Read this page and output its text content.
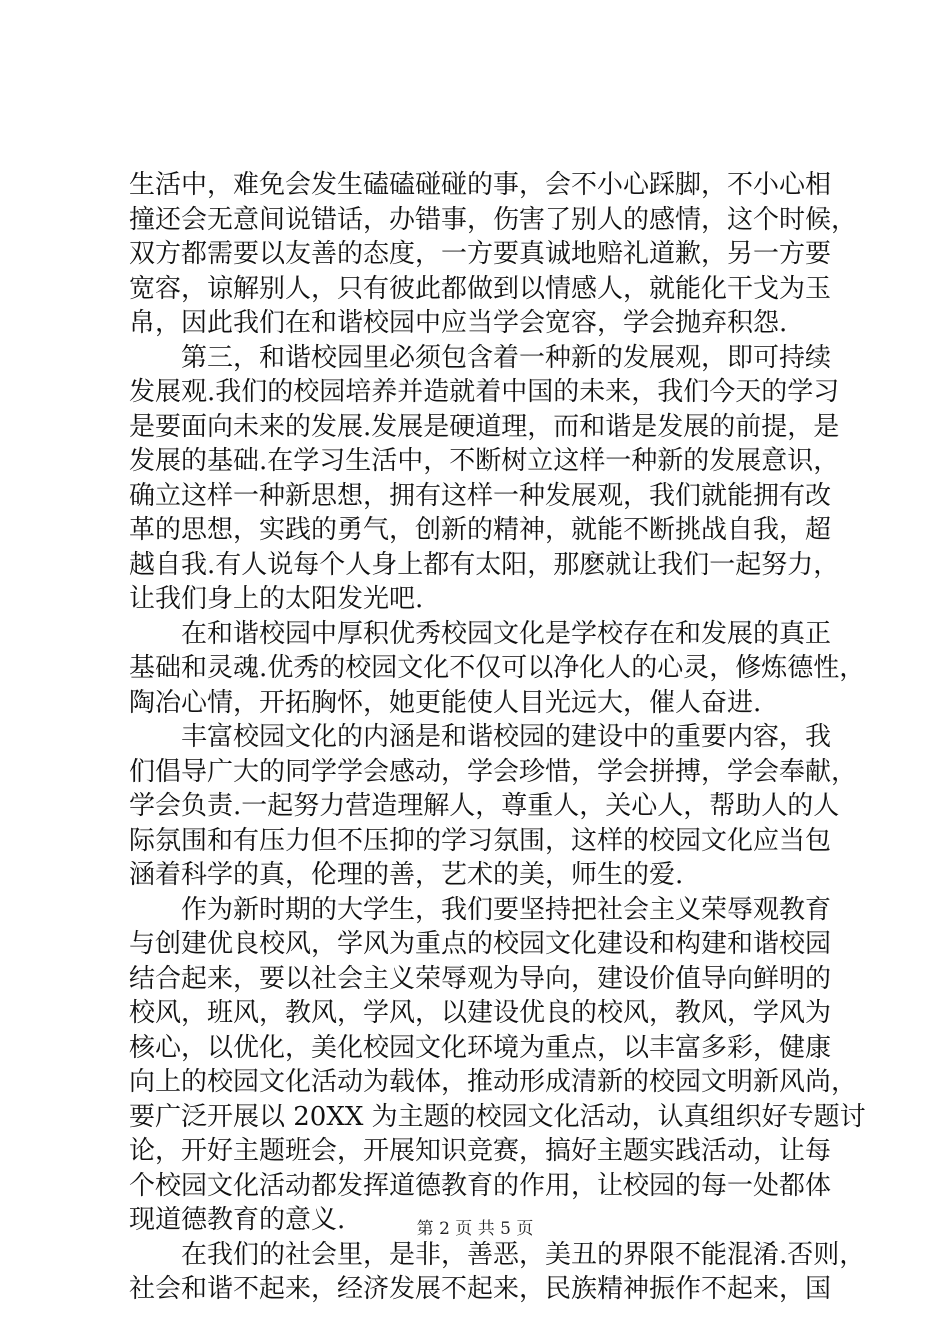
生活中，难免会发生磕磕碰碰的事，会不小心踩脚，不小心相
撞还会无意间说错话，办错事，伤害了别人的感情，这个时候，
双方都需要以友善的态度，一方要真诚地赔礼道歉，另一方要
宽容，谅解别人，只有彼此都做到以情感人，就能化干戈为玉
帛，因此我们在和谐校园中应当学会宽容，学会抛弃积怨.
第三，和谐校园里必须包含着一种新的发展观，即可持续
发展观.我们的校园培养并造就着中国的未来，我们今天的学习
是要面向未来的发展.发展是硬道理，而和谐是发展的前提，是
发展的基础.在学习生活中，不断树立这样一种新的发展意识，
确立这样一种新思想，拥有这样一种发展观，我们就能拥有改
革的思想，实践的勇气，创新的精神，就能不断挑战自我，超
越自我.有人说每个人身上都有太阳，那麽就让我们一起努力，
让我们身上的太阳发光吧.
在和谐校园中厚积优秀校园文化是学校存在和发展的真正
基础和灵魂.优秀的校园文化不仅可以净化人的心灵，修炼德性，
陶冶心情，开拓胸怀，她更能使人目光远大，催人奋进.
丰富校园文化的内涵是和谐校园的建设中的重要内容，我
们倡导广大的同学学会感动，学会珍惜，学会拼搏，学会奉献，
学会负责.一起努力营造理解人，尊重人，关心人，帮助人的人
际氛围和有压力但不压抑的学习氛围，这样的校园文化应当包
涵着科学的真，伦理的善，艺术的美，师生的爱.
作为新时期的大学生，我们要坚持把社会主义荣辱观教育
与创建优良校风，学风为重点的校园文化建设和构建和谐校园
结合起来，要以社会主义荣辱观为导向，建设价值导向鲜明的
校风，班风，教风，学风，以建设优良的校风，教风，学风为
核心，以优化，美化校园文化环境为重点，以丰富多彩，健康
向上的校园文化活动为载体，推动形成清新的校园文明新风尚，
要广泛开展以 20XX 为主题的校园文化活动，认真组织好专题讨
论，开好主题班会，开展知识竞赛，搞好主题实践活动，让每
个校园文化活动都发挥道德教育的作用，让校园的每一处都体
现道德教育的意义.
在我们的社会里，是非，善恶，美丑的界限不能混淆.否则，
社会和谐不起来，经济发展不起来，民族精神振作不起来，国
第 2 页 共 5 页
